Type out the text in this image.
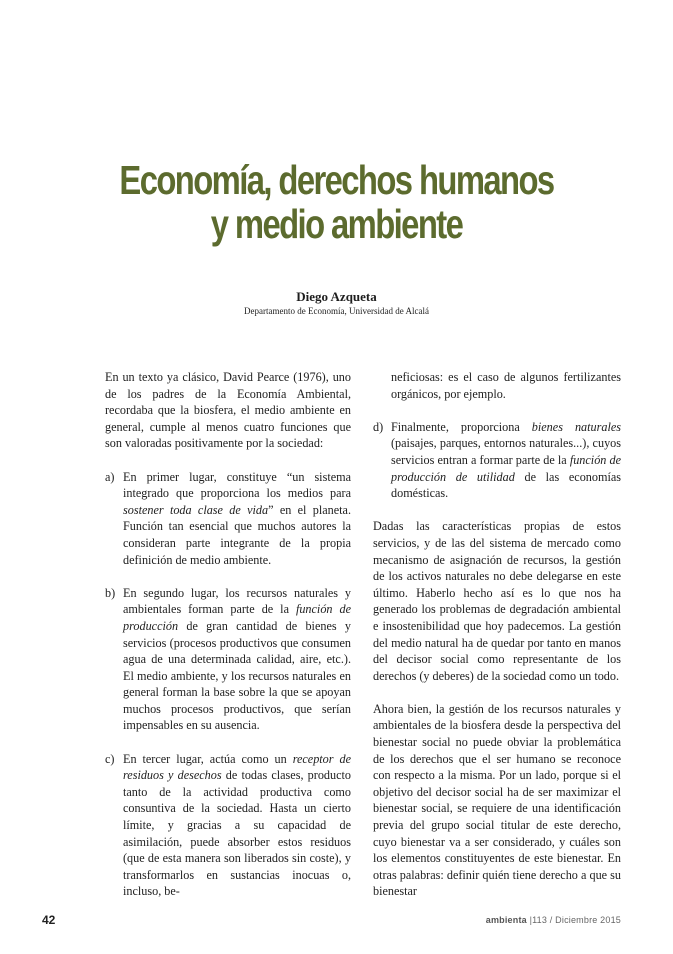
Economía, derechos humanos
y medio ambiente
Diego Azqueta
Departamento de Economía, Universidad de Alcalá

En un texto ya clásico, David Pearce (1976), uno de los padres de la Economía Ambiental, recordaba que la biosfera, el medio ambiente en general, cumple al menos cuatro funciones que son valoradas positivamente por la sociedad:

a) En primer lugar, constituye “un sistema integrado que proporciona los medios para sostener toda clase de vida” en el planeta. Función tan esencial que muchos autores la consideran parte integrante de la propia definición de medio ambiente.
b) En segundo lugar, los recursos naturales y ambientales forman parte de la función de producción de gran cantidad de bienes y servicios (procesos productivos que consumen agua de una determinada calidad, aire, etc.). El medio ambiente, y los recursos naturales en general forman la base sobre la que se apoyan muchos procesos productivos, que serían impensables en su ausencia.
c) En tercer lugar, actúa como un receptor de residuos y desechos de todas clases, producto tanto de la actividad productiva como consuntiva de la sociedad. Hasta un cierto límite, y gracias a su capacidad de asimilación, puede absorber estos residuos (que de esta manera son liberados sin coste), y transformarlos en sustancias inocuas o, incluso, be-

neficiosas: es el caso de algunos fertilizantes orgánicos, por ejemplo.

d) Finalmente, proporciona bienes naturales (paisajes, parques, entornos naturales...), cuyos servicios entran a formar parte de la función de producción de utilidad de las economías domésticas.

Dadas las características propias de estos servicios, y de las del sistema de mercado como mecanismo de asignación de recursos, la gestión de los activos naturales no debe delegarse en este último. Haberlo hecho así es lo que nos ha generado los problemas de degradación ambiental e insostenibilidad que hoy padecemos. La gestión del medio natural ha de quedar por tanto en manos del decisor social como representante de los derechos (y deberes) de la sociedad como un todo.

Ahora bien, la gestión de los recursos naturales y ambientales de la biosfera desde la perspectiva del bienestar social no puede obviar la problemática de los derechos que el ser humano se reconoce con respecto a la misma. Por un lado, porque si el objetivo del decisor social ha de ser maximizar el bienestar social, se requiere de una identificación previa del grupo social titular de este derecho, cuyo bienestar va a ser considerado, y cuáles son los elementos constituyentes de este bienestar. En otras palabras: definir quién tiene derecho a que su bienestar

42	ambienta |113 / Diciembre 2015
